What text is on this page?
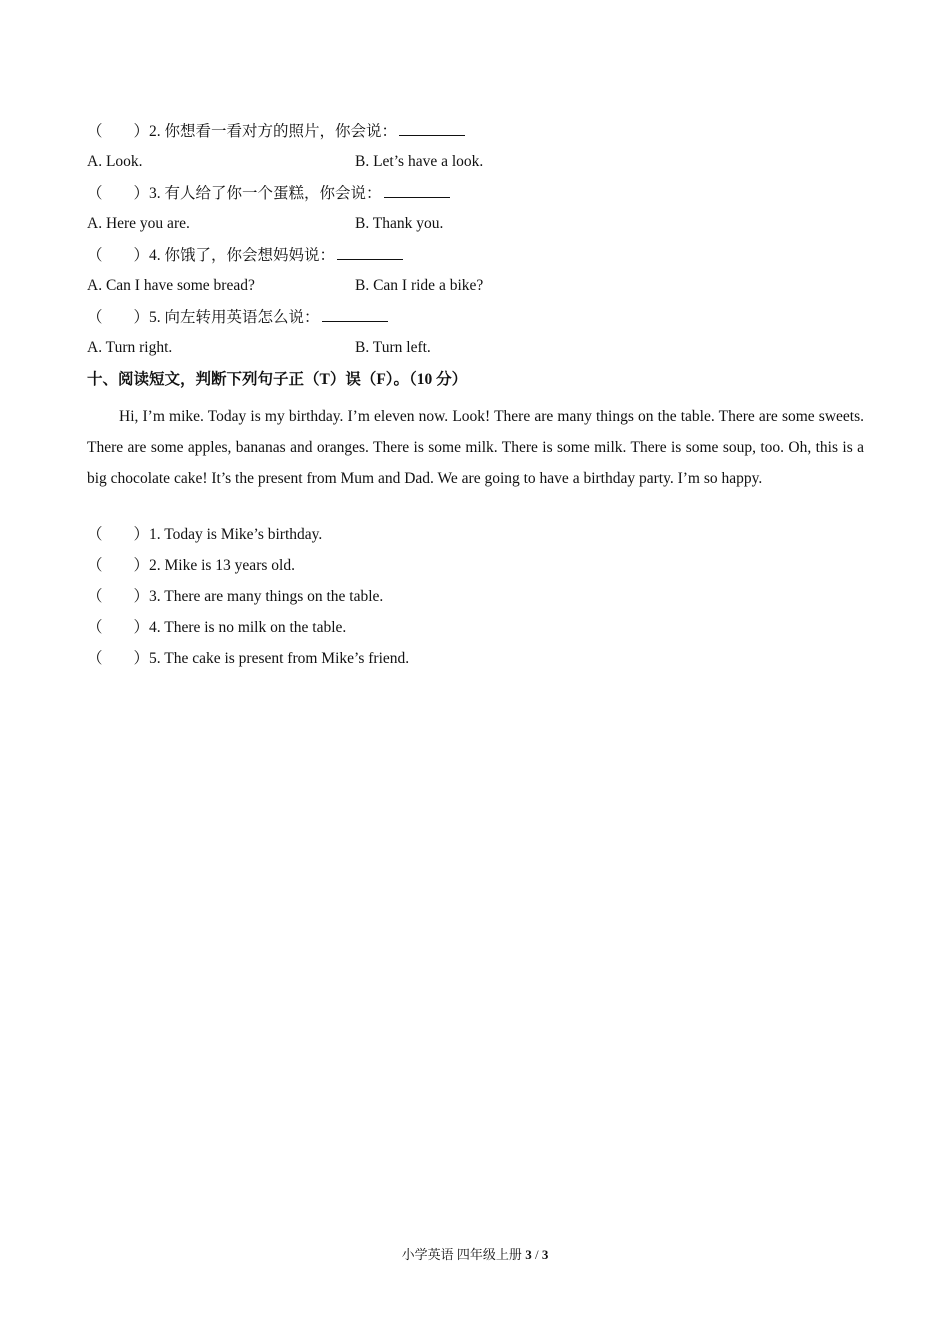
（　　）2. 你想看一看对方的照片，你会说：
A. Look.	B. Let’s have a look.
（　　）3. 有人给了你一个蛋糕，你会说：
A. Here you are.	B. Thank you.
（　　）4. 你饿了，你会想妈妈说：
A. Can I have some bread?	B. Can I ride a bike?
（　　）5. 向左转用英语怎么说：
A. Turn right.	B. Turn left.
十、阅读短文，判断下列句子正（T）误（F）。（10 分）
Hi, I’m mike. Today is my birthday. I’m eleven now. Look! There are many things on the table. There are some sweets. There are some apples, bananas and oranges. There is some milk. There is some milk. There is some soup, too. Oh, this is a big chocolate cake! It’s the present from Mum and Dad. We are going to have a birthday party. I’m so happy.
（　　）1. Today is Mike’s birthday.
（　　）2. Mike is 13 years old.
（　　）3. There are many things on the table.
（　　）4. There is no milk on the table.
（　　）5. The cake is present from Mike’s friend.
小学英语 四年级上册 3 / 3
